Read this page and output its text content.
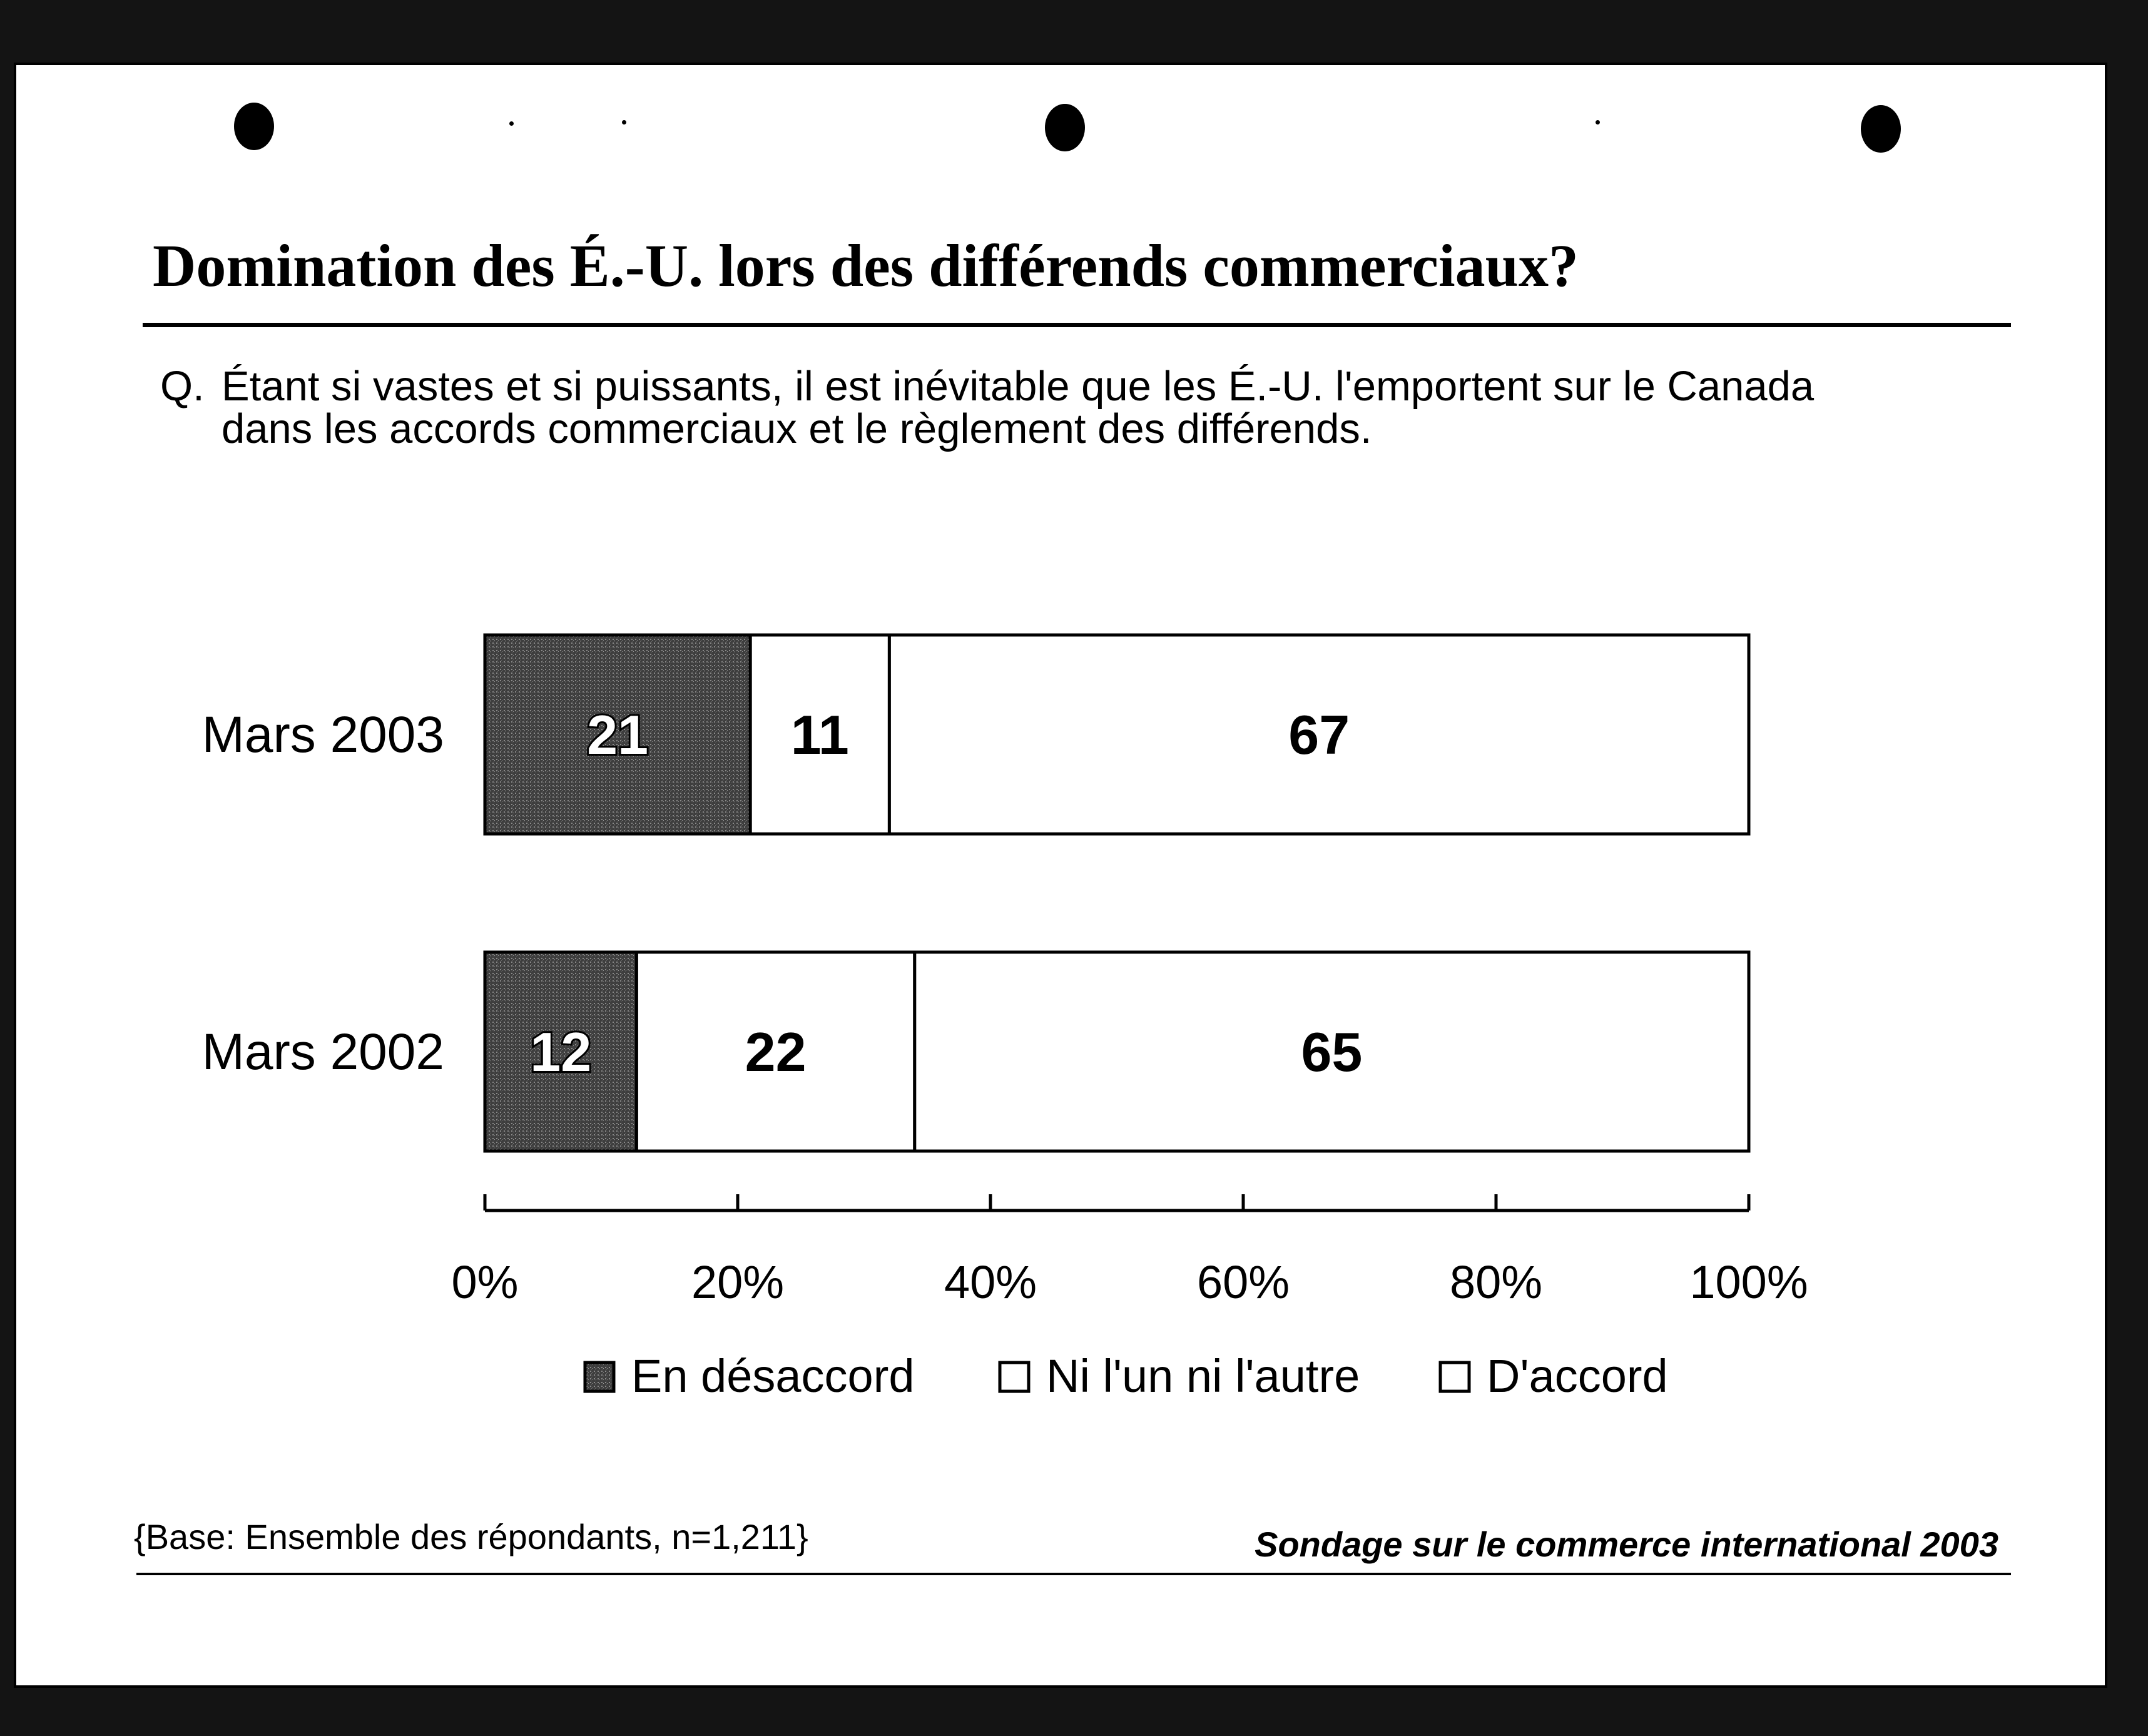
Domination des É.-U. lors des différends commerciaux?
Q. Étant si vastes et si puissants, il est inévitable que les É.-U. l'emportent sur le Canada dans les accords commerciaux et le règlement des différends.
{Base: Ensemble des répondants, n=1,211}	Sondage sur le commerce international 2003
Mars 2003	21	11	67
Mars 2002 12	22	65
0%	20%	40%	60%	80%	100%
En désaccord	Ni l'un ni l'autre	D'accord
